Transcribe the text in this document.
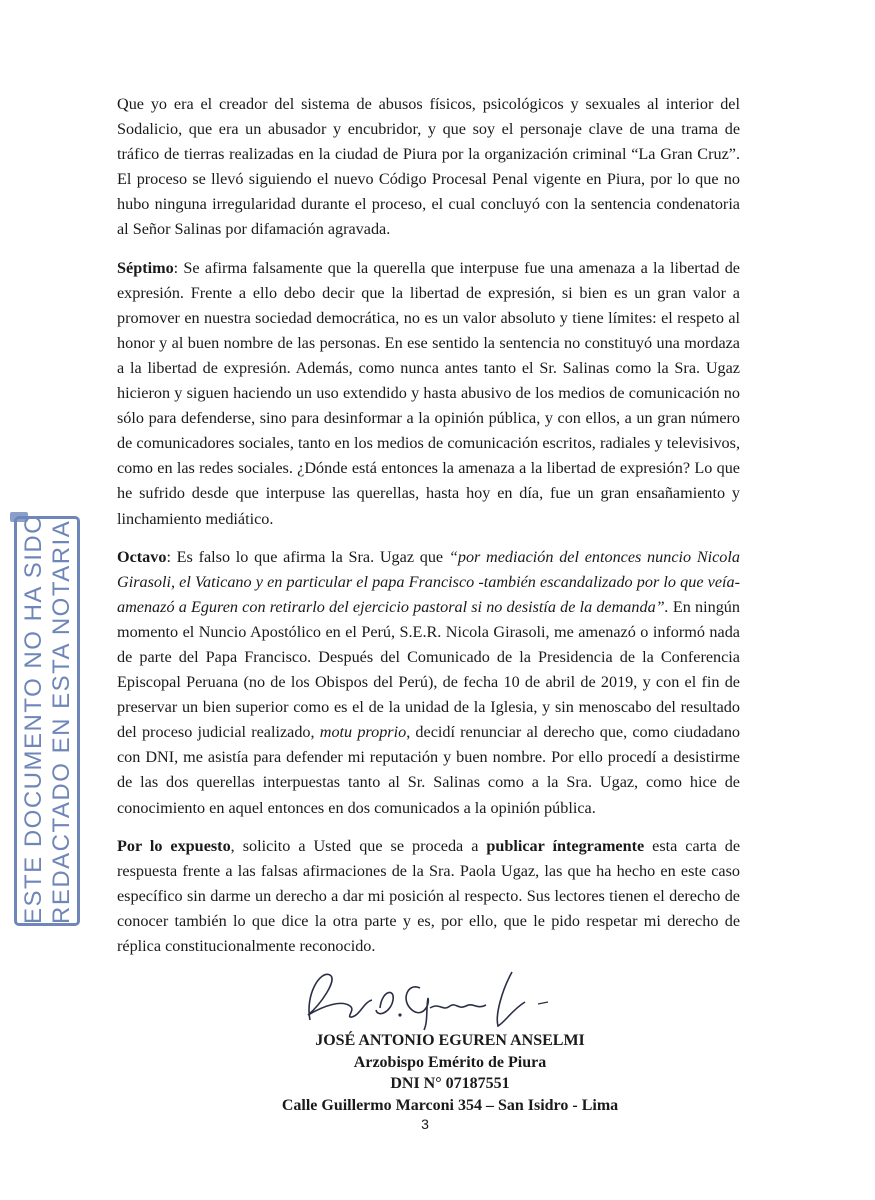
ESTE DOCUMENTO NO HA SIDO REDACTADO EN ESTA NOTARIA

Que yo era el creador del sistema de abusos físicos, psicológicos y sexuales al interior del Sodalicio, que era un abusador y encubridor, y que soy el personaje clave de una trama de tráfico de tierras realizadas en la ciudad de Piura por la organización criminal “La Gran Cruz”. El proceso se llevó siguiendo el nuevo Código Procesal Penal vigente en Piura, por lo que no hubo ninguna irregularidad durante el proceso, el cual concluyó con la sentencia condenatoria al Señor Salinas por difamación agravada.

Séptimo: Se afirma falsamente que la querella que interpuse fue una amenaza a la libertad de expresión. Frente a ello debo decir que la libertad de expresión, si bien es un gran valor a promover en nuestra sociedad democrática, no es un valor absoluto y tiene límites: el respeto al honor y al buen nombre de las personas. En ese sentido la sentencia no constituyó una mordaza a la libertad de expresión. Además, como nunca antes tanto el Sr. Salinas como la Sra. Ugaz hicieron y siguen haciendo un uso extendido y hasta abusivo de los medios de comunicación no sólo para defenderse, sino para desinformar a la opinión pública, y con ellos, a un gran número de comunicadores sociales, tanto en los medios de comunicación escritos, radiales y televisivos, como en las redes sociales. ¿Dónde está entonces la amenaza a la libertad de expresión? Lo que he sufrido desde que interpuse las querellas, hasta hoy en día, fue un gran ensañamiento y linchamiento mediático.

Octavo: Es falso lo que afirma la Sra. Ugaz que “por mediación del entonces nuncio Nicola Girasoli, el Vaticano y en particular el papa Francisco -también escandalizado por lo que veía- amenazó a Eguren con retirarlo del ejercicio pastoral si no desistía de la demanda”. En ningún momento el Nuncio Apostólico en el Perú, S.E.R. Nicola Girasoli, me amenazó o informó nada de parte del Papa Francisco. Después del Comunicado de la Presidencia de la Conferencia Episcopal Peruana (no de los Obispos del Perú), de fecha 10 de abril de 2019, y con el fin de preservar un bien superior como es el de la unidad de la Iglesia, y sin menoscabo del resultado del proceso judicial realizado, motu proprio, decidí renunciar al derecho que, como ciudadano con DNI, me asistía para defender mi reputación y buen nombre. Por ello procedí a desistirme de las dos querellas interpuestas tanto al Sr. Salinas como a la Sra. Ugaz, como hice de conocimiento en aquel entonces en dos comunicados a la opinión pública.

Por lo expuesto, solicito a Usted que se proceda a publicar íntegramente esta carta de respuesta frente a las falsas afirmaciones de la Sra. Paola Ugaz, las que ha hecho en este caso específico sin darme un derecho a dar mi posición al respecto. Sus lectores tienen el derecho de conocer también lo que dice la otra parte y es, por ello, que le pido respetar mi derecho de réplica constitucionalmente reconocido.

JOSÉ ANTONIO EGUREN ANSELMI
Arzobispo Emérito de Piura
DNI N° 07187551
Calle Guillermo Marconi 354 – San Isidro - Lima
3
